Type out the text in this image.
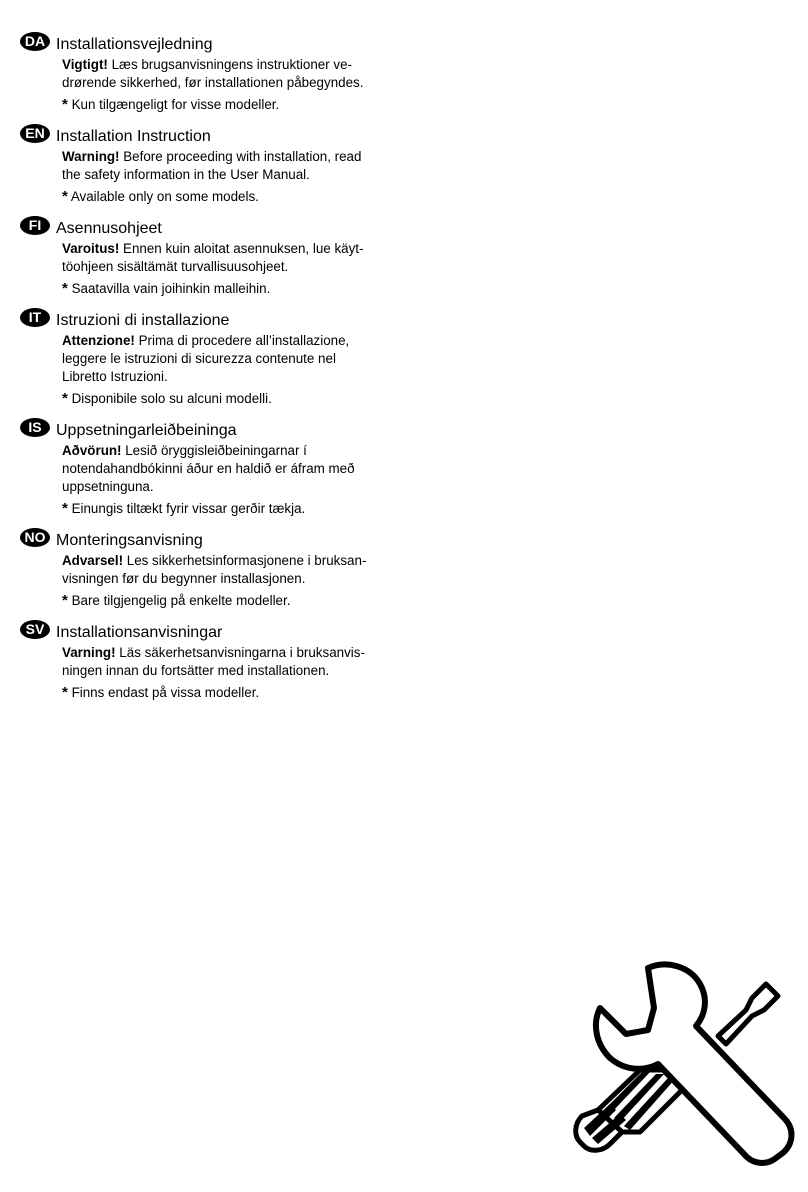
DA Installationsvejledning
Vigtigt! Læs brugsanvisningens instruktioner ve-
drørende sikkerhed, før installationen påbegyndes.
* Kun tilgængeligt for visse modeller.
EN Installation Instruction
Warning! Before proceeding with installation, read
the safety information in the User Manual.
* Available only on some models.
FI Asennusohjeet
Varoitus! Ennen kuin aloitat asennuksen, lue käyt-
töohjeen sisältämät turvallisuusohjeet.
* Saatavilla vain joihinkin malleihin.
IT Istruzioni di installazione
Attenzione! Prima di procedere all’installazione,
leggere le istruzioni di sicurezza contenute nel
Libretto Istruzioni.
* Disponibile solo su alcuni modelli.
IS Uppsetningarleiðbeininga
Aðvörun! Lesið öryggisleiðbeiningarnar í
notendahandbókinni áður en haldið er áfram með
uppsetninguna.
* Einungis tiltækt fyrir vissar gerðir tækja.
NO Monteringsanvisning
Advarsel! Les sikkerhetsinformasjonene i bruksan-
visningen før du begynner installasjonen.
* Bare tilgjengelig på enkelte modeller.
SV Installationsanvisningar
Varning! Läs säkerhetsanvisningarna i bruksanvis-
ningen innan du fortsätter med installationen.
* Finns endast på vissa modeller.
